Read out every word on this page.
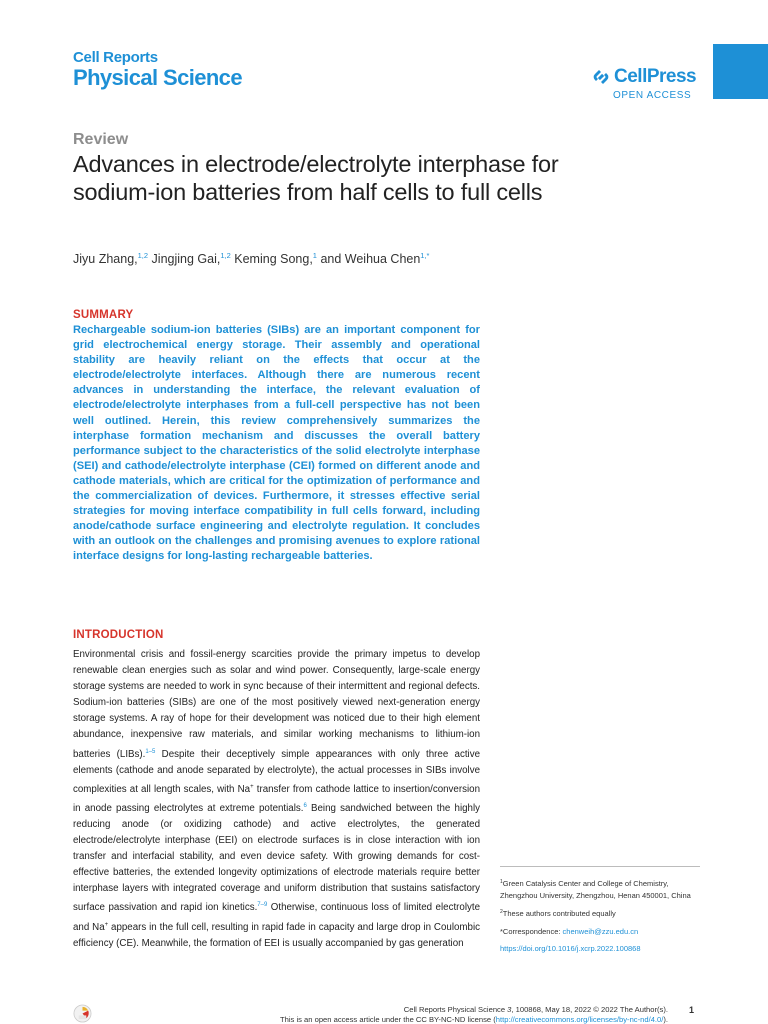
Cell Reports
Physical Science	CellPress
OPEN ACCESS
Review
Advances in electrode/electrolyte interphase for sodium-ion batteries from half cells to full cells
Jiyu Zhang,$^{1,2}$ Jingjing Gai,$^{1,2}$ Keming Song,$^1$ and Weihua Chen$^{1,*}$
SUMMARY

Rechargeable sodium-ion batteries (SIBs) are an important component for grid electrochemical energy storage. Their assembly and operational stability are heavily reliant on the effects that occur at the electrode/electrolyte interfaces. Although there are numerous recent advances in understanding the interface, the relevant evaluation of electrode/electrolyte interphases from a full-cell perspective has not been well outlined. Herein, this review comprehensively summarizes the interphase formation mechanism and discusses the overall battery performance subject to the characteristics of the solid electrolyte interphase (SEI) and cathode/electrolyte interphase (CEI) formed on different anode and cathode materials, which are critical for the optimization of performance and the commercialization of devices. Furthermore, it stresses effective serial strategies for moving interface compatibility in full cells forward, including anode/cathode surface engineering and electrolyte regulation. It concludes with an outlook on the challenges and promising avenues to explore rational interface designs for long-lasting rechargeable batteries.

INTRODUCTION

Environmental crisis and fossil-energy scarcities provide the primary impetus to develop renewable clean energies such as solar and wind power. Consequently, large-scale energy storage systems are needed to work in sync because of their intermittent and regional defects. Sodium-ion batteries (SIBs) are one of the most positively viewed next-generation energy storage systems. A ray of hope for their development was noticed due to their high element abundance, inexpensive raw materials, and similar working mechanisms to lithium-ion batteries (LIBs).$^{1-5}$ Despite their deceptively simple appearances with only three active elements (cathode and anode separated by electrolyte), the actual processes in SIBs involve complexities at all length scales, with Na+ transfer from cathode lattice to insertion/conversion in anode passing electrolytes at extreme potentials.$^6$ Being sandwiched between the highly reducing anode (or oxidizing cathode) and active electrolytes, the generated electrode/electrolyte interphase (EEI) on electrode surfaces is in close interaction with ion transfer and interfacial stability, and even device safety. With growing demands for cost-effective batteries, the extended longevity optimizations of electrode materials require better interphase layers with integrated coverage and uniform distribution that sustains satisfactory surface passivation and rapid ion kinetics.$^{7-9}$ Otherwise, continuous loss of limited electrolyte and Na+ appears in the full cell, resulting in rapid fade in capacity and large drop in Coulombic efficiency (CE). Meanwhile, the formation of EEI is usually accompanied by gas generation

$^1$Green Catalysis Center and College of Chemistry, Zhengzhou University, Zhengzhou, Henan 450001, China

$^2$These authors contributed equally

*Correspondence: chenweih@zzu.edu.cn

https://doi.org/10.1016/j.xcrp.2022.100868

Cell Reports Physical Science 3, 100868, May 18, 2022 © 2022 The Author(s).
This is an open access article under the CC BY-NC-ND license (http://creativecommons.org/licenses/by-nc-nd/4.0/).
1
